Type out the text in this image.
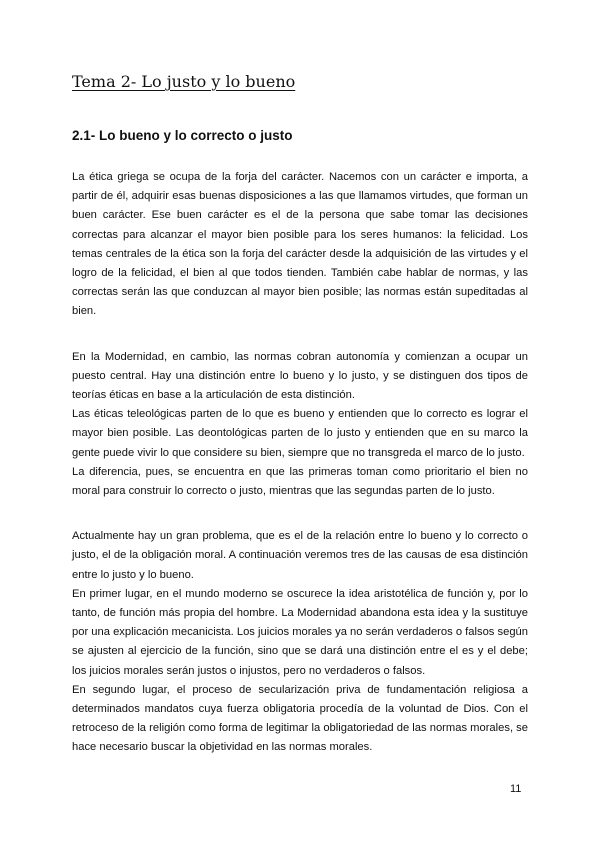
Tema 2- Lo justo y lo bueno
2.1- Lo bueno y lo correcto o justo

La ética griega se ocupa de la forja del carácter. Nacemos con un carácter e importa, a partir de él, adquirir esas buenas disposiciones a las que llamamos virtudes, que forman un buen carácter. Ese buen carácter es el de la persona que sabe tomar las decisiones correctas para alcanzar el mayor bien posible para los seres humanos: la felicidad. Los temas centrales de la ética son la forja del carácter desde la adquisición de las virtudes y el logro de la felicidad, el bien al que todos tienden. También cabe hablar de normas, y las correctas serán las que conduzcan al mayor bien posible; las normas están supeditadas al bien.

En la Modernidad, en cambio, las normas cobran autonomía y comienzan a ocupar un puesto central. Hay una distinción entre lo bueno y lo justo, y se distinguen dos tipos de teorías éticas en base a la articulación de esta distinción.

Las éticas teleológicas parten de lo que es bueno y entienden que lo correcto es lograr el mayor bien posible. Las deontológicas parten de lo justo y entienden que en su marco la gente puede vivir lo que considere su bien, siempre que no transgreda el marco de lo justo.

La diferencia, pues, se encuentra en que las primeras toman como prioritario el bien no moral para construir lo correcto o justo, mientras que las segundas parten de lo justo.

Actualmente hay un gran problema, que es el de la relación entre lo bueno y lo correcto o justo, el de la obligación moral. A continuación veremos tres de las causas de esa distinción entre lo justo y lo bueno.

En primer lugar, en el mundo moderno se oscurece la idea aristotélica de función y, por lo tanto, de función más propia del hombre. La Modernidad abandona esta idea y la sustituye por una explicación mecanicista. Los juicios morales ya no serán verdaderos o falsos según se ajusten al ejercicio de la función, sino que se dará una distinción entre el es y el debe; los juicios morales serán justos o injustos, pero no verdaderos o falsos.

En segundo lugar, el proceso de secularización priva de fundamentación religiosa a determinados mandatos cuya fuerza obligatoria procedía de la voluntad de Dios. Con el retroceso de la religión como forma de legitimar la obligatoriedad de las normas morales, se hace necesario buscar la objetividad en las normas morales.

11
